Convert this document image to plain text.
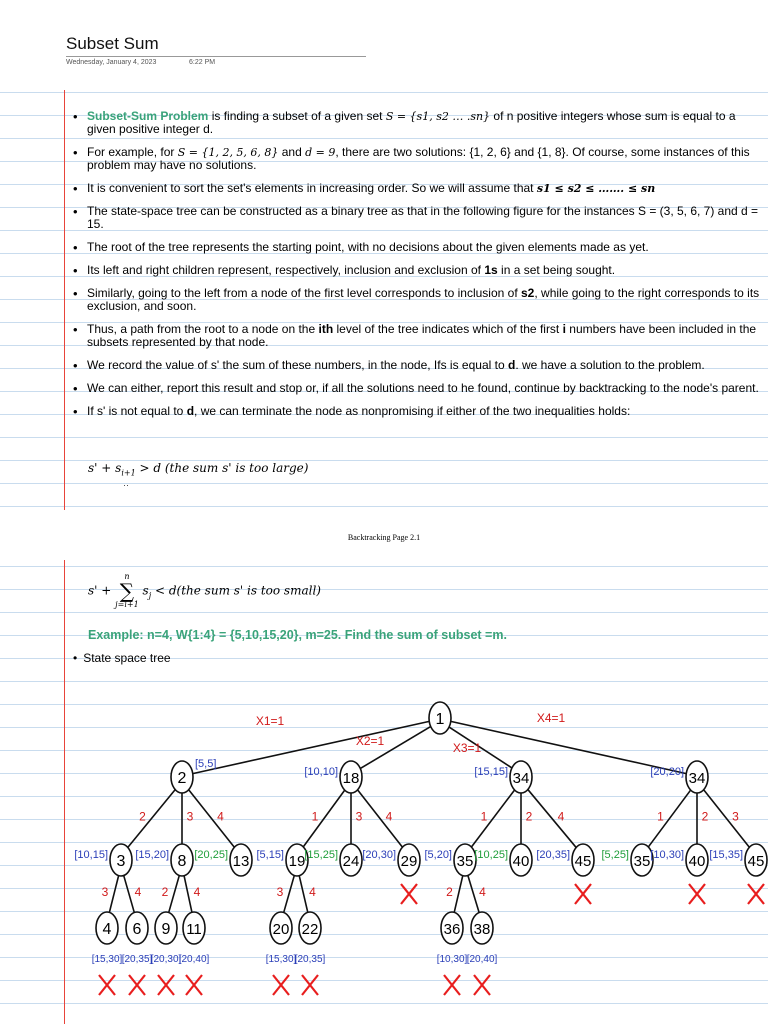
Subset Sum
Wednesday, January 4, 2023	6:22 PM
• Subset-Sum Problem is finding a subset of a given set S = {s1, s2 … .sn} of n positive integers whose sum is equal to a given positive integer d.
• For example, for S = {1, 2, 5, 6, 8} and d = 9, there are two solutions: {1, 2, 6} and {1, 8}. Of course, some instances of this problem may have no solutions.
• It is convenient to sort the set's elements in increasing order. So we will assume that s1 ≤ s2 ≤ ……. ≤ sn
• The state-space tree can be constructed as a binary tree as that in the following figure for the instances S = (3, 5, 6, 7) and d = 15.
• The root of the tree represents the starting point, with no decisions about the given elements made as yet.
• Its left and right children represent, respectively, inclusion and exclusion of 1s in a set being sought.
• Similarly, going to the left from a node of the first level corresponds to inclusion of s2, while going to the right corresponds to its exclusion, and soon.
• Thus, a path from the root to a node on the ith level of the tree indicates which of the first i numbers have been included in the subsets represented by that node.
• We record the value of s' the sum of these numbers, in the node, Ifs is equal to d. we have a solution to the problem.
• We can either, report this result and stop or, if all the solutions need to he found, continue by backtracking to the node's parent.
• If s' is not equal to d, we can terminate the node as nonpromising if either of the two inequalities holds:
$s' + s_{i+1} > d$ (the sum s' is too large)
‥
Backtracking Page 2.1
s' +
n
∑
j=i+1
$s_j < d(the$ sum s' is too small)
Example: n=4, W{1:4} = {5,10,15,20}, m=25. Find the sum of subset =m.
• State space tree
2	3 4	1	3 4	1	2 4	1	2 3
3 4 2 4	3 4	2 4
X1=1
X2=1	X3=1
X4=1
1
2
[5,5]
18
[10,10]	34
[15,15]	34
[20,20]
3
[10,15]	8
[15,20]	13
[20,25]	19
[5,15]	24
[15,25]	29
[20,30]	35
[5,20]	40
[10,25]	45
[20,35]	35
[5,25]	40
[10,30]	45
[15,35]
4
[15,30]
6
[20,35]
9
[20,30]
11
[20,40]
20
[15,30]
22
[20,35]
36
[10,30]
38
[20,40]
